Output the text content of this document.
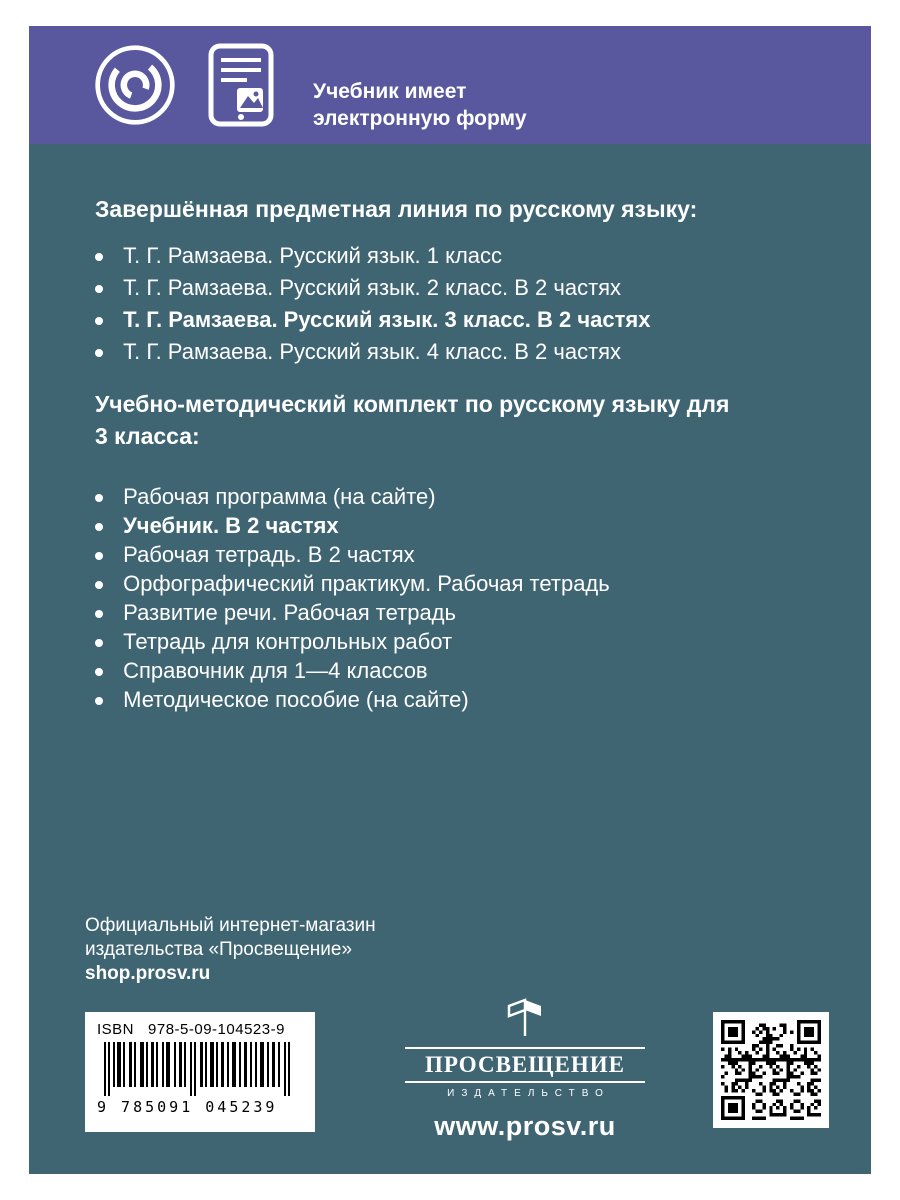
Учебник имеет
электронную форму
Завершённая предметная линия по русскому языку:
Т. Г. Рамзаева. Русский язык. 1 класс
Т. Г. Рамзаева. Русский язык. 2 класс. В 2 частях
Т. Г. Рамзаева. Русский язык. 3 класс. В 2 частях
Т. Г. Рамзаева. Русский язык. 4 класс. В 2 частях
Учебно-методический комплект по русскому языку для 3 класса:
Рабочая программа (на сайте)
Учебник. В 2 частях
Рабочая тетрадь. В 2 частях
Орфографический практикум. Рабочая тетрадь
Развитие речи. Рабочая тетрадь
Тетрадь для контрольных работ
Справочник для 1—4 классов
Методическое пособие (на сайте)
Официальный интернет-магазин
издательства «Просвещение»
shop.prosv.ru
ISBN 978-5-09-104523-9
9 785091 045239
ПРОСВЕЩЕНИЕ
ИЗДАТЕЛЬСТВО
www.prosv.ru
